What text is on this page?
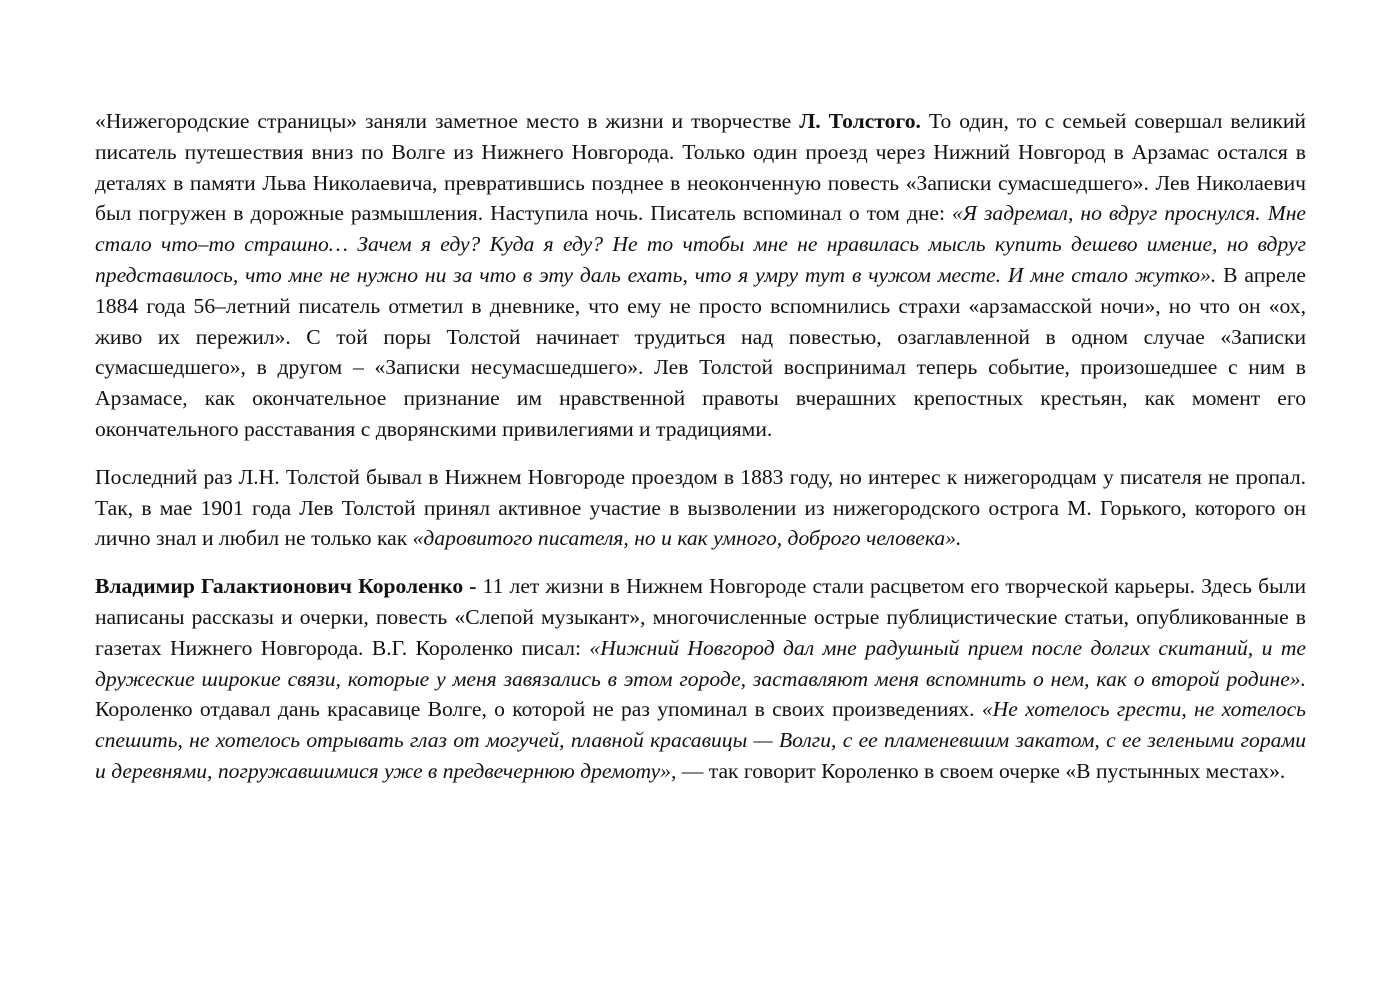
«Нижегородские страницы» заняли заметное место в жизни и творчестве Л. Толстого. То один, то с семьей совершал великий писатель путешествия вниз по Волге из Нижнего Новгорода. Только один проезд через Нижний Новгород в Арзамас остался в деталях в памяти Льва Николаевича, превратившись позднее в неоконченную повесть «Записки сумасшедшего». Лев Николаевич был погружен в дорожные размышления. Наступила ночь. Писатель вспоминал о том дне: «Я задремал, но вдруг проснулся. Мне стало что–то страшно… Зачем я еду? Куда я еду? Не то чтобы мне не нравилась мысль купить дешево имение, но вдруг представилось, что мне не нужно ни за что в эту даль ехать, что я умру тут в чужом месте. И мне стало жутко». В апреле 1884 года 56–летний писатель отметил в дневнике, что ему не просто вспомнились страхи «арзамасской ночи», но что он «ох, живо их пережил». С той поры Толстой начинает трудиться над повестью, озаглавленной в одном случае «Записки сумасшедшего», в другом – «Записки несумасшедшего». Лев Толстой воспринимал теперь событие, произошедшее с ним в Арзамасе, как окончательное признание им нравственной правоты вчерашних крепостных крестьян, как момент его окончательного расставания с дворянскими привилегиями и традициями.

Последний раз Л.Н. Толстой бывал в Нижнем Новгороде проездом в 1883 году, но интерес к нижегородцам у писателя не пропал. Так, в мае 1901 года Лев Толстой принял активное участие в вызволении из нижегородского острога М. Горького, которого он лично знал и любил не только как «даровитого писателя, но и как умного, доброго человека».

Владимир Галактионович Короленко - 11 лет жизни в Нижнем Новгороде стали расцветом его творческой карьеры. Здесь были написаны рассказы и очерки, повесть «Слепой музыкант», многочисленные острые публицистические статьи, опубликованные в газетах Нижнего Новгорода. В.Г. Короленко писал: «Нижний Новгород дал мне радушный прием после долгих скитаний, и те дружеские широкие связи, которые у меня завязались в этом городе, заставляют меня вспомнить о нем, как о второй родине». Короленко отдавал дань красавице Волге, о которой не раз упоминал в своих произведениях. «Не хотелось грести, не хотелось спешить, не хотелось отрывать глаз от могучей, плавной красавицы — Волги, с ее пламеневшим закатом, с ее зелеными горами и деревнями, погружавшимися уже в предвечернюю дремоту», — так говорит Короленко в своем очерке «В пустынных местах».
